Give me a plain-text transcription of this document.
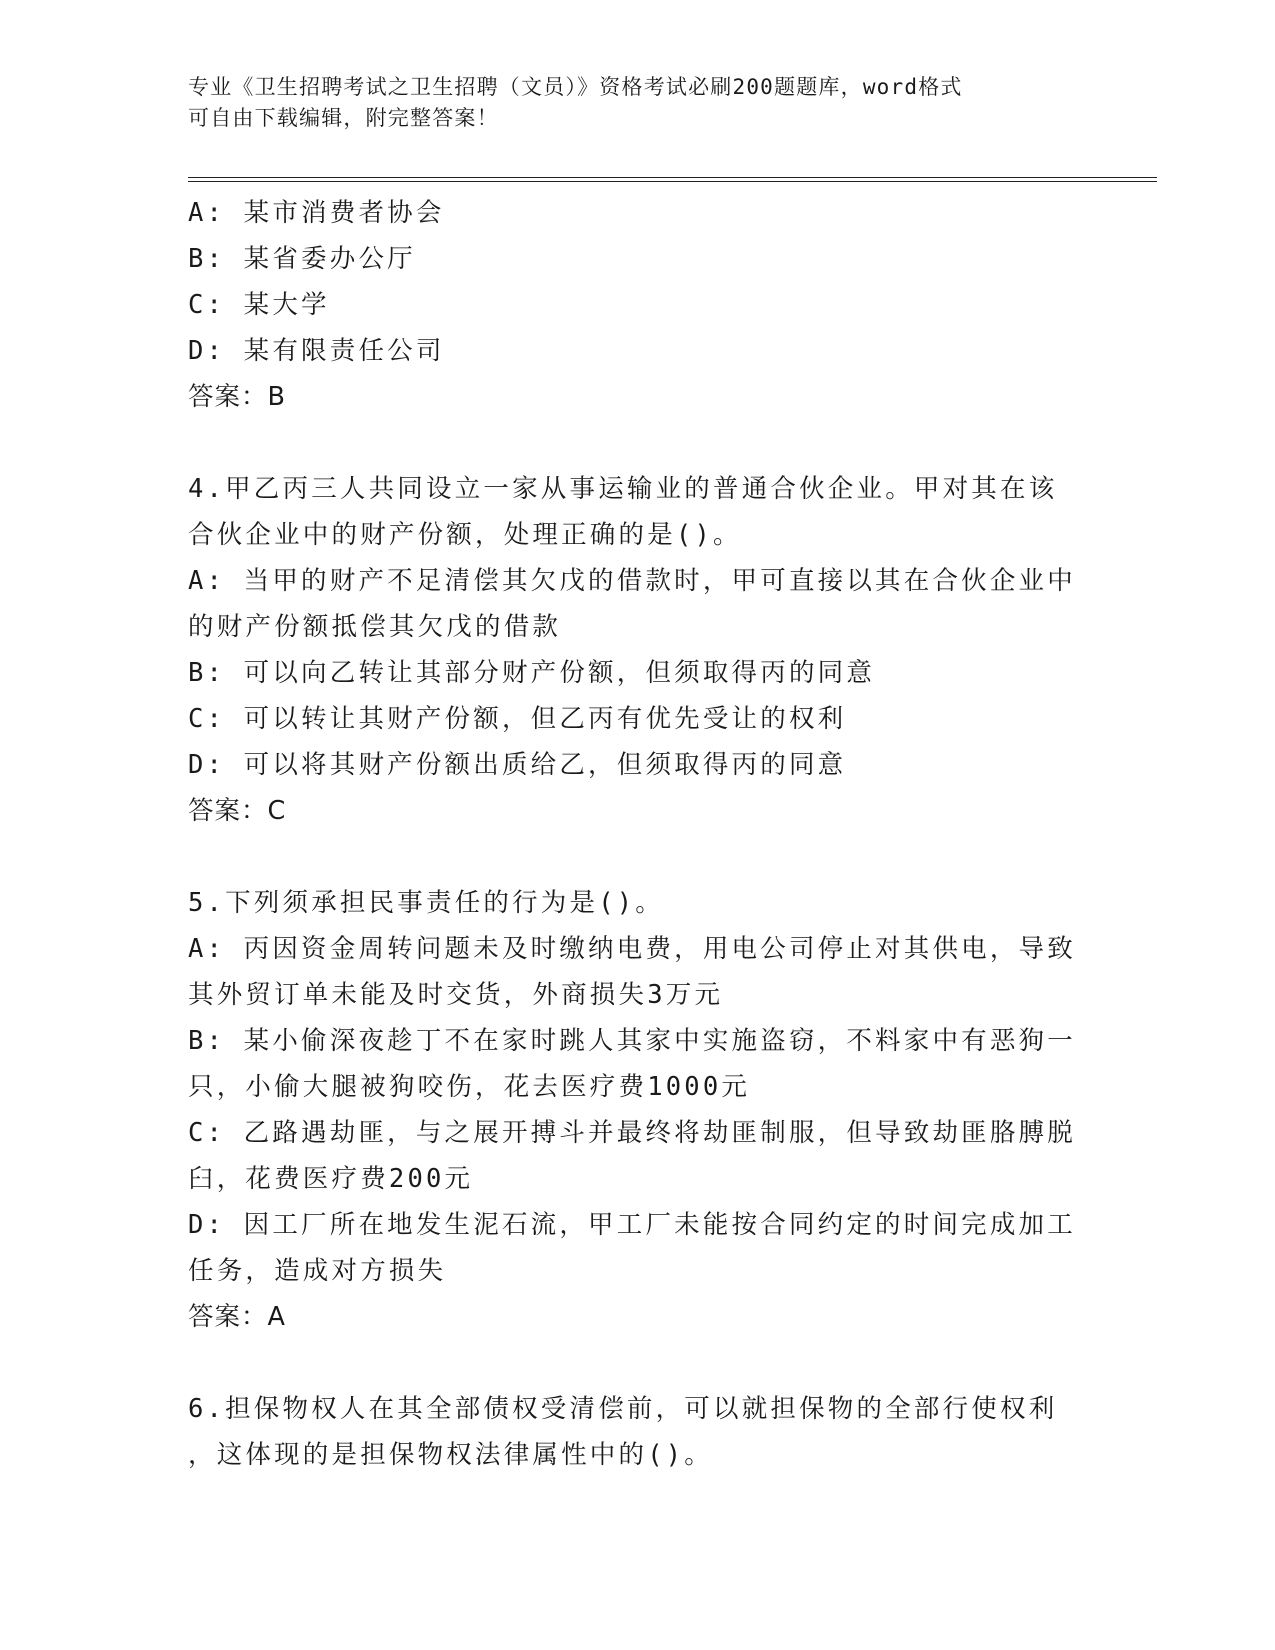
专业《卫生招聘考试之卫生招聘（文员）》资格考试必刷200题题库，word格式
可自由下载编辑，附完整答案！
A: 某市消费者协会
B: 某省委办公厅
C: 某大学
D: 某有限责任公司
答案：B
4.甲乙丙三人共同设立一家从事运输业的普通合伙企业。甲对其在该
合伙企业中的财产份额，处理正确的是()。
A: 当甲的财产不足清偿其欠戊的借款时，甲可直接以其在合伙企业中
的财产份额抵偿其欠戊的借款
B: 可以向乙转让其部分财产份额，但须取得丙的同意
C: 可以转让其财产份额，但乙丙有优先受让的权利
D: 可以将其财产份额出质给乙，但须取得丙的同意
答案：C
5.下列须承担民事责任的行为是()。
A: 丙因资金周转问题未及时缴纳电费，用电公司停止对其供电，导致
其外贸订单未能及时交货，外商损失3万元
B: 某小偷深夜趁丁不在家时跳人其家中实施盗窃，不料家中有恶狗一
只，小偷大腿被狗咬伤，花去医疗费1000元
C: 乙路遇劫匪，与之展开搏斗并最终将劫匪制服，但导致劫匪胳膊脱
臼，花费医疗费200元
D: 因工厂所在地发生泥石流，甲工厂未能按合同约定的时间完成加工
任务，造成对方损失
答案：A
6.担保物权人在其全部债权受清偿前，可以就担保物的全部行使权利
，这体现的是担保物权法律属性中的()。
